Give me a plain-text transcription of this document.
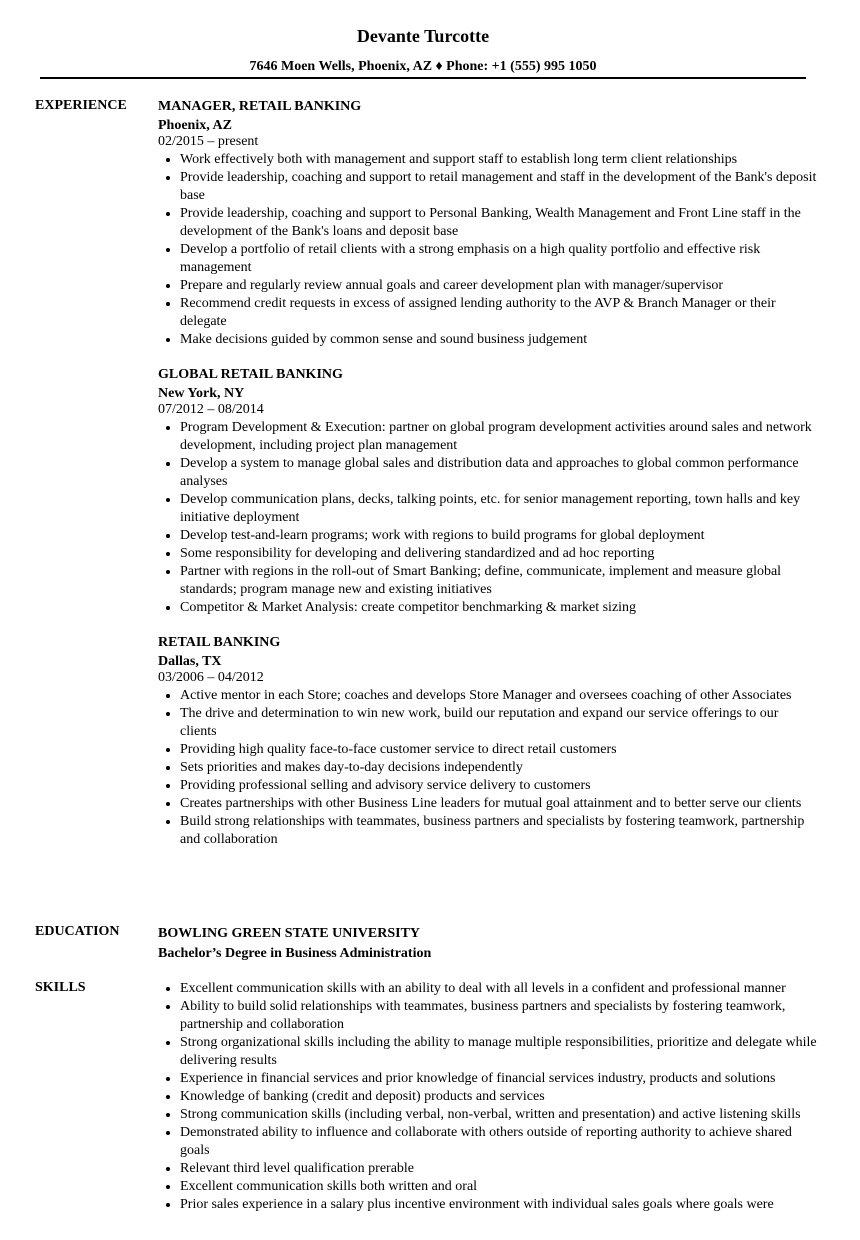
Devante Turcotte
7646 Moen Wells, Phoenix, AZ ♦ Phone: +1 (555) 995 1050
EXPERIENCE MANAGER, RETAIL BANKING
Phoenix, AZ
02/2015 – present
• Work effectively both with management and support staff to establish long term client relationships
• Provide leadership, coaching and support to retail management and staff in the development of the Bank's deposit base
• Provide leadership, coaching and support to Personal Banking, Wealth Management and Front Line staff in the development of the Bank's loans and deposit base
• Develop a portfolio of retail clients with a strong emphasis on a high quality portfolio and effective risk management
• Prepare and regularly review annual goals and career development plan with manager/supervisor
• Recommend credit requests in excess of assigned lending authority to the AVP & Branch Manager or their delegate
• Make decisions guided by common sense and sound business judgement
GLOBAL RETAIL BANKING
New York, NY
07/2012 – 08/2014
• Program Development & Execution: partner on global program development activities around sales and network development, including project plan management
• Develop a system to manage global sales and distribution data and approaches to global common performance analyses
• Develop communication plans, decks, talking points, etc. for senior management reporting, town halls and key initiative deployment
• Develop test-and-learn programs; work with regions to build programs for global deployment
• Some responsibility for developing and delivering standardized and ad hoc reporting
• Partner with regions in the roll-out of Smart Banking; define, communicate, implement and measure global standards; program manage new and existing initiatives
• Competitor & Market Analysis: create competitor benchmarking & market sizing
RETAIL BANKING
Dallas, TX
03/2006 – 04/2012
• Active mentor in each Store; coaches and develops Store Manager and oversees coaching of other Associates
• The drive and determination to win new work, build our reputation and expand our service offerings to our clients
• Providing high quality face-to-face customer service to direct retail customers
• Sets priorities and makes day-to-day decisions independently
• Providing professional selling and advisory service delivery to customers
• Creates partnerships with other Business Line leaders for mutual goal attainment and to better serve our clients
• Build strong relationships with teammates, business partners and specialists by fostering teamwork, partnership and collaboration
EDUCATION	BOWLING GREEN STATE UNIVERSITY
Bachelor’s Degree in Business Administration
SKILLS
•	Excellent communication skills with an ability to deal with all levels in a confident and professional manner
• Ability to build solid relationships with teammates, business partners and specialists by fostering teamwork, partnership and collaboration
• Strong organizational skills including the ability to manage multiple responsibilities, prioritize and delegate while delivering results
• Experience in financial services and prior knowledge of financial services industry, products and solutions
• Knowledge of banking (credit and deposit) products and services
• Strong communication skills (including verbal, non-verbal, written and presentation) and active listening skills
• Demonstrated ability to influence and collaborate with others outside of reporting authority to achieve shared goals
• Relevant third level qualification prerable
• Excellent communication skills both written and oral
• Prior sales experience in a salary plus incentive environment with individual sales goals where goals were
